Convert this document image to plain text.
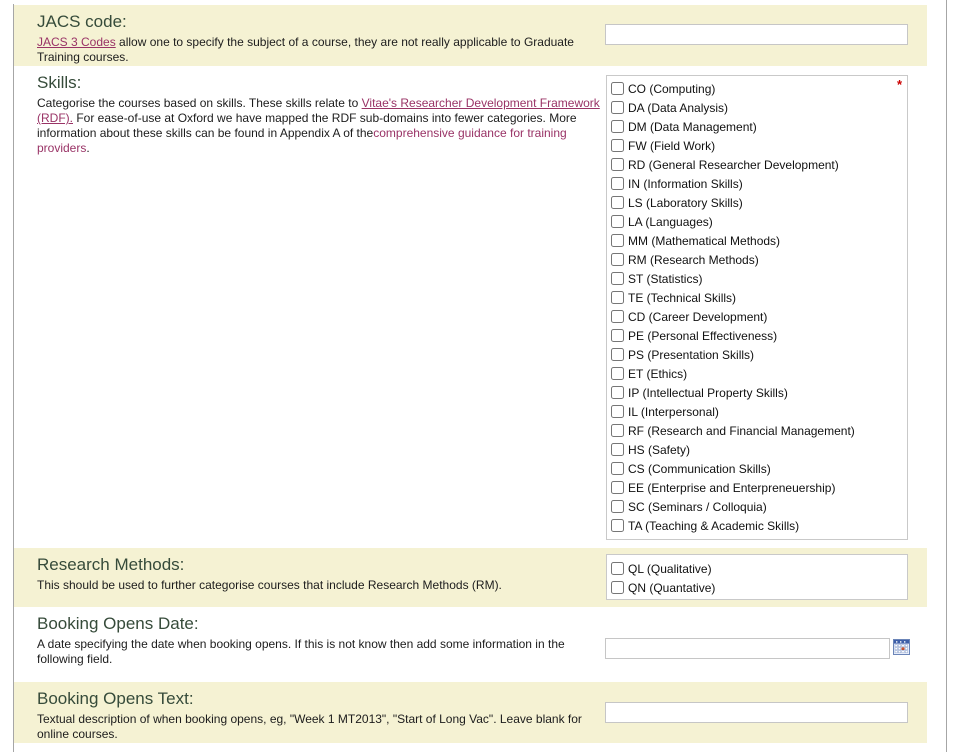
JACS code:

JACS 3 Codes allow one to specify the subject of a course, they are not really applicable to Graduate Training courses.

Skills:

Categorise the courses based on skills. These skills relate to Vitae's Researcher Development Framework (RDF). For ease-of-use at Oxford we have mapped the RDF sub-domains into fewer categories. More information about these skills can be found in Appendix A of thecomprehensive guidance for training providers.

*
CO (Computing)
DA (Data Analysis)
DM (Data Management)
FW (Field Work)
RD (General Researcher Development)
IN (Information Skills)
LS (Laboratory Skills)
LA (Languages)
MM (Mathematical Methods)
RM (Research Methods)
ST (Statistics)
TE (Technical Skills)
CD (Career Development)
PE (Personal Effectiveness)
PS (Presentation Skills)
ET (Ethics)
IP (Intellectual Property Skills)
IL (Interpersonal)
RF (Research and Financial Management)
HS (Safety)
CS (Communication Skills)
EE (Enterprise and Enterpreneuership)
SC (Seminars / Colloquia)
TA (Teaching & Academic Skills)
Research Methods:

This should be used to further categorise courses that include Research Methods (RM).

QL (Qualitative)
QN (Quantative)
Booking Opens Date:

A date specifying the date when booking opens. If this is not know then add some information in the following field.

Booking Opens Text:

Textual description of when booking opens, eg, "Week 1 MT2013", "Start of Long Vac". Leave blank for online courses.
